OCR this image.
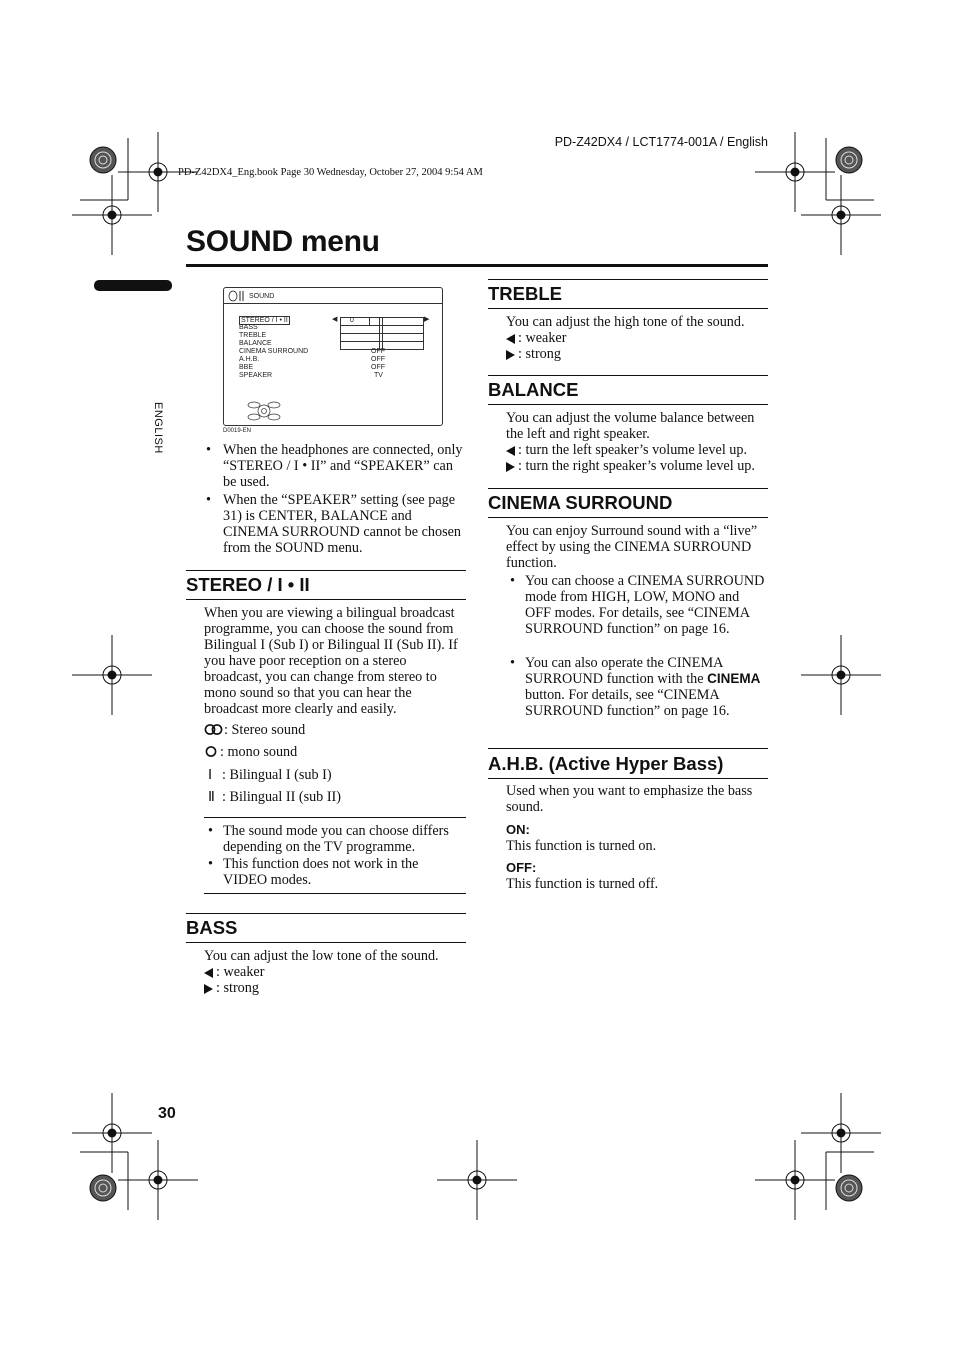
PD-Z42DX4 / LCT1774-001A / English
PD-Z42DX4_Eng.book Page 30 Wednesday, October 27, 2004 9:54 AM
SOUND menu
ENGLISH
SOUND
STEREO / I • II
BASS
TREBLE
BALANCE
CINEMA SURROUND
A.H.B.
BBE
SPEAKER
0
◀	▶
OFF
OFF
OFF
TV
D0019-EN
• When the headphones are connected, only “STEREO / I • II” and “SPEAKER” can be used.
• When the “SPEAKER” setting (see page 31) is CENTER, BALANCE and CINEMA SURROUND cannot be chosen from the SOUND menu.
STEREO / I • II
When you are viewing a bilingual broadcast programme, you can choose the sound from Bilingual I (Sub I) or Bilingual II (Sub II). If you have poor reception on a stereo broadcast, you can change from stereo to mono sound so that you can hear the broadcast more clearly and easily.
: Stereo sound
: mono sound
Ⅰ : Bilingual I (sub I)
Ⅱ : Bilingual II (sub II)
• The sound mode you can choose differs depending on the TV programme.
• This function does not work in the VIDEO modes.
BASS
You can adjust the low tone of the sound.
: weaker
: strong
TREBLE
You can adjust the high tone of the sound.
: weaker
: strong
BALANCE
You can adjust the volume balance between the left and right speaker.
: turn the left speaker’s volume level up.
: turn the right speaker’s volume level up.
CINEMA SURROUND
You can enjoy Surround sound with a “live” effect by using the CINEMA SURROUND function.
• You can choose a CINEMA SURROUND mode from HIGH, LOW, MONO and OFF modes. For details, see “CINEMA SURROUND function” on page 16.
• You can also operate the CINEMA SURROUND function with the CINEMA button. For details, see “CINEMA SURROUND function” on page 16.
A.H.B. (Active Hyper Bass)
Used when you want to emphasize the bass sound.
ON:
This function is turned on.
OFF:
This function is turned off.
30
